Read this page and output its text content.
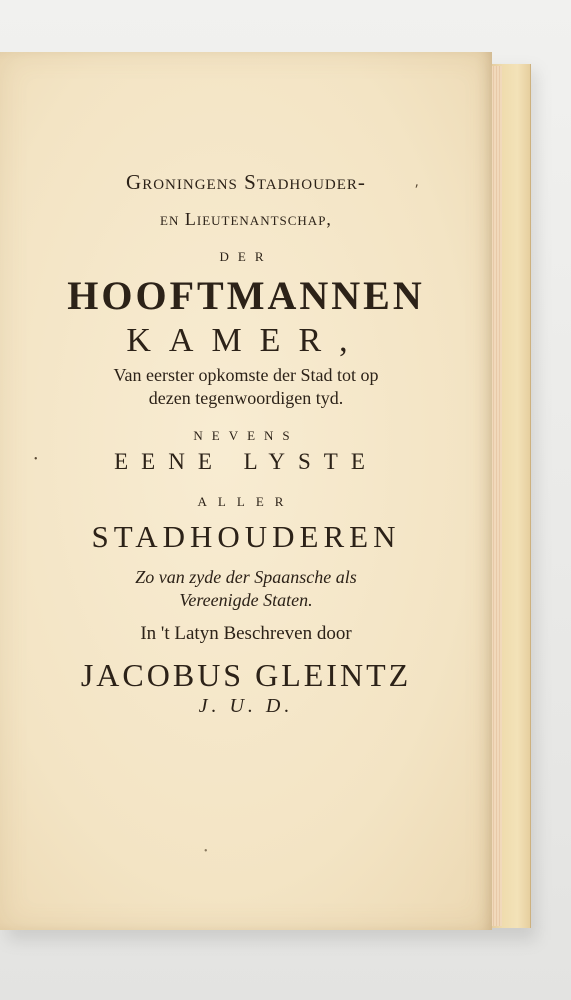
Groningens Stadhouder-
en Lieutenantschap,
DER
HOOFTMANNEN
KAMER,
Van eerster opkomste der Stad tot op
dezen tegenwoordigen tyd.
NEVENS
EENE LYSTE
ALLER
STADHOUDEREN
Zo van zyde der Spaansche als
Vereenigde Staten.
In 't Latyn Beschreven door
JACOBUS GLEINTZ
J. U. D.
⸴
•
•
